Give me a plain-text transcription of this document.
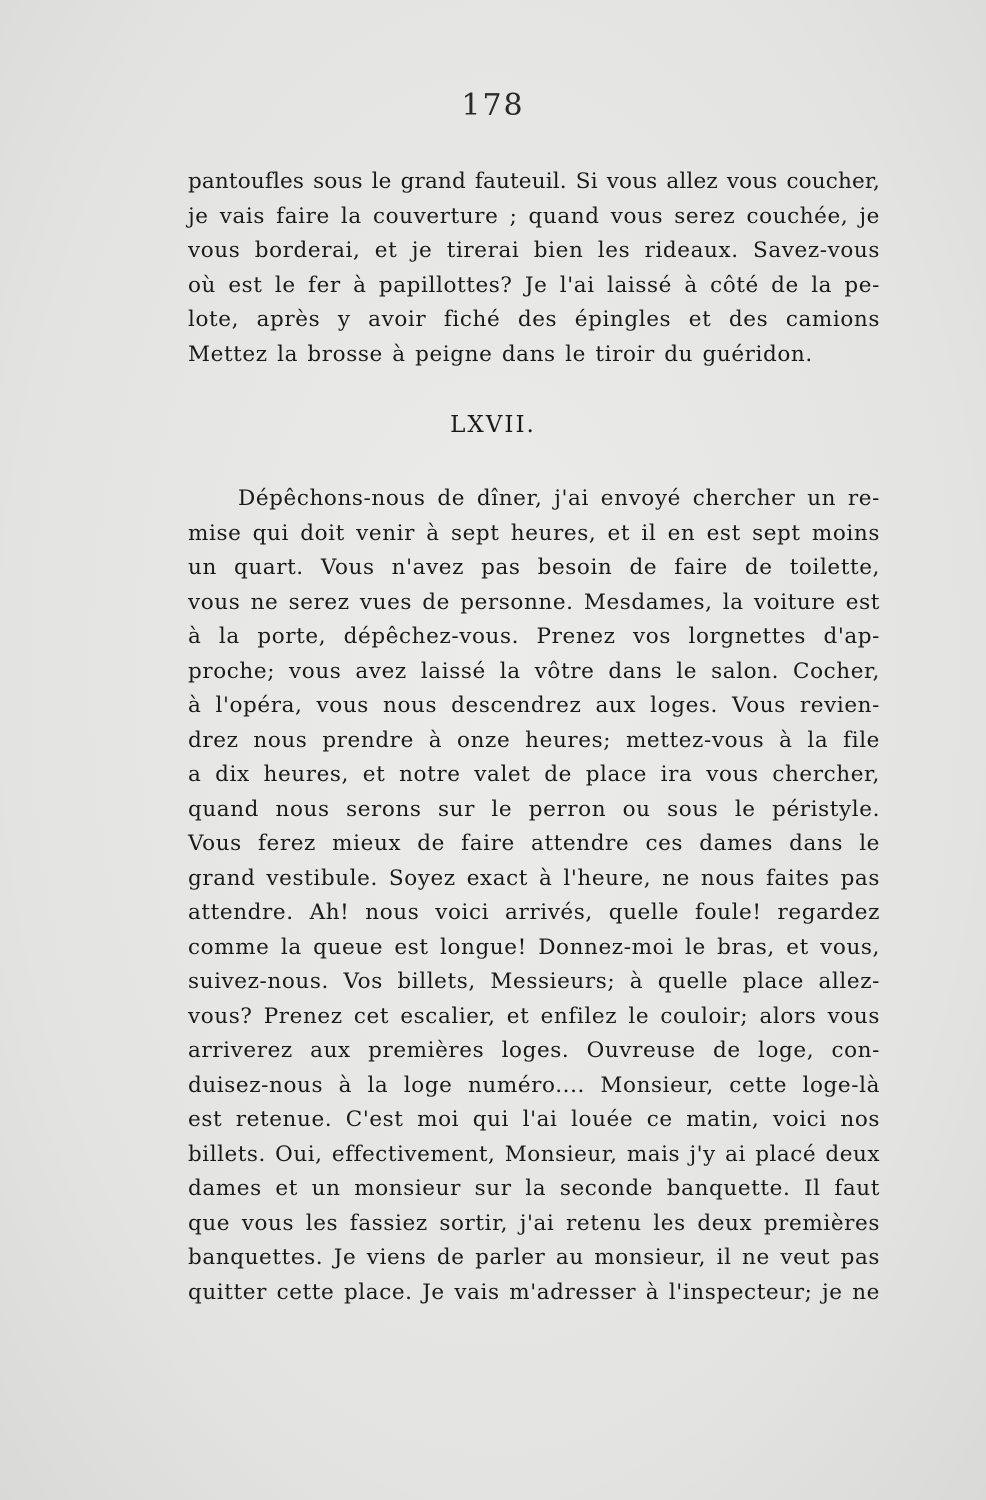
178
pantoufles sous le grand fauteuil. Si vous allez vous coucher,
je vais faire la couverture ; quand vous serez couchée, je
vous borderai, et je tirerai bien les rideaux. Savez-vous
où est le fer à papillottes? Je l'ai laissé à côté de la pe-
lote, après y avoir fiché des épingles et des camions
Mettez la brosse à peigne dans le tiroir du guéridon.
LXVII.
Dépêchons-nous de dîner, j'ai envoyé chercher un re-
mise qui doit venir à sept heures, et il en est sept moins
un quart. Vous n'avez pas besoin de faire de toilette,
vous ne serez vues de personne. Mesdames, la voiture est
à la porte, dépêchez-vous. Prenez vos lorgnettes d'ap-
proche; vous avez laissé la vôtre dans le salon. Cocher,
à l'opéra, vous nous descendrez aux loges. Vous revien-
drez nous prendre à onze heures; mettez-vous à la file
a dix heures, et notre valet de place ira vous chercher,
quand nous serons sur le perron ou sous le péristyle.
Vous ferez mieux de faire attendre ces dames dans le
grand vestibule. Soyez exact à l'heure, ne nous faites pas
attendre. Ah! nous voici arrivés, quelle foule! regardez
comme la queue est longue! Donnez-moi le bras, et vous,
suivez-nous. Vos billets, Messieurs; à quelle place allez-
vous? Prenez cet escalier, et enfilez le couloir; alors vous
arriverez aux premières loges. Ouvreuse de loge, con-
duisez-nous à la loge numéro.... Monsieur, cette loge-là
est retenue. C'est moi qui l'ai louée ce matin, voici nos
billets. Oui, effectivement, Monsieur, mais j'y ai placé deux
dames et un monsieur sur la seconde banquette. Il faut
que vous les fassiez sortir, j'ai retenu les deux premières
banquettes. Je viens de parler au monsieur, il ne veut pas
quitter cette place. Je vais m'adresser à l'inspecteur; je ne
